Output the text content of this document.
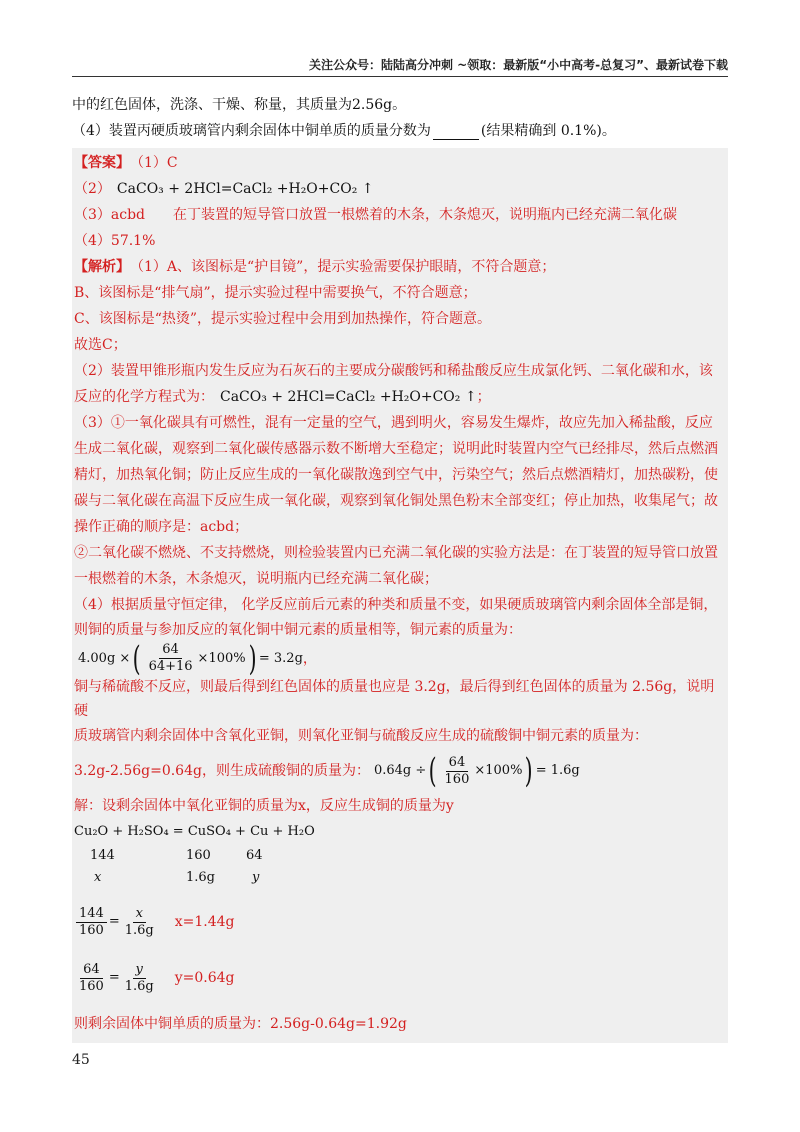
关注公众号：陆陆高分冲刺 ~领取：最新版“小中高考-总复习”、最新试卷下载
中的红色固体，洗涤、干燥、称量，其质量为2.56g。
（4）装置丙硬质玻璃管内剩余固体中铜单质的质量分数为	(结果精确到 0.1%)。
【答案】 （1）C
（2） CaCO₃ + 2HCl=CaCl₂ +H₂O+CO₂ ↑
（3）acbd 在丁装置的短导管口放置一根燃着的木条，木条熄灭，说明瓶内已经充满二氧化碳
（4）57.1%
【解析】 （1）A、该图标是“护目镜”，提示实验需要保护眼睛，不符合题意；
B、该图标是“排气扇”，提示实验过程中需要换气，不符合题意；
C、该图标是“热烫”，提示实验过程中会用到加热操作，符合题意。
故选C；
（2）装置甲锥形瓶内发生反应为石灰石的主要成分碳酸钙和稀盐酸反应生成氯化钙、二氧化碳和水，该
反应的化学方程式为： CaCO₃ + 2HCl=CaCl₂ +H₂O+CO₂ ↑ ；
（3）①一氧化碳具有可燃性，混有一定量的空气，遇到明火，容易发生爆炸，故应先加入稀盐酸，反应
生成二氧化碳，观察到二氧化碳传感器示数不断增大至稳定；说明此时装置内空气已经排尽，然后点燃酒
精灯，加热氧化铜；防止反应生成的一氧化碳散逸到空气中，污染空气；然后点燃酒精灯，加热碳粉，使
碳与二氧化碳在高温下反应生成一氧化碳，观察到氧化铜处黑色粉末全部变红；停止加热，收集尾气；故
操作正确的顺序是：acbd；
②二氧化碳不燃烧、不支持燃烧，则检验装置内已充满二氧化碳的实验方法是：在丁装置的短导管口放置
一根燃着的木条，木条熄灭，说明瓶内已经充满二氧化碳；
（4）根据质量守恒定律， 化学反应前后元素的种类和质量不变，如果硬质玻璃管内剩余固体全部是铜，
则铜的质量与参加反应的氧化铜中铜元素的质量相等，铜元素的质量为：
4.00g × ( $\frac{64}{64+16} \times 100\%$ ) = 3.2g ，
铜与稀硫酸不反应，则最后得到红色固体的质量也应是 3.2g，最后得到红色固体的质量为 2.56g，说明硬
质玻璃管内剩余固体中含氧化亚铜，则氧化亚铜与硫酸反应生成的硫酸铜中铜元素的质量为：
3.2g-2.56g=0.64g，则生成硫酸铜的质量为： 0.64g ÷ ( $\frac{64}{160} \times 100\%$ ) = 1.6g
解：设剩余固体中氧化亚铜的质量为x，反应生成铜的质量为y
Cu₂O + H₂SO₄ = CuSO₄ + Cu + H₂O
144	160	64
x	1.6g	y
$\frac{144}{160} = \frac{x}{1.6g} x=1.44g$
$\frac{64}{160} = \frac{y}{1.6g} y=0.64g$
则剩余固体中铜单质的质量为：2.56g-0.64g=1.92g
45
